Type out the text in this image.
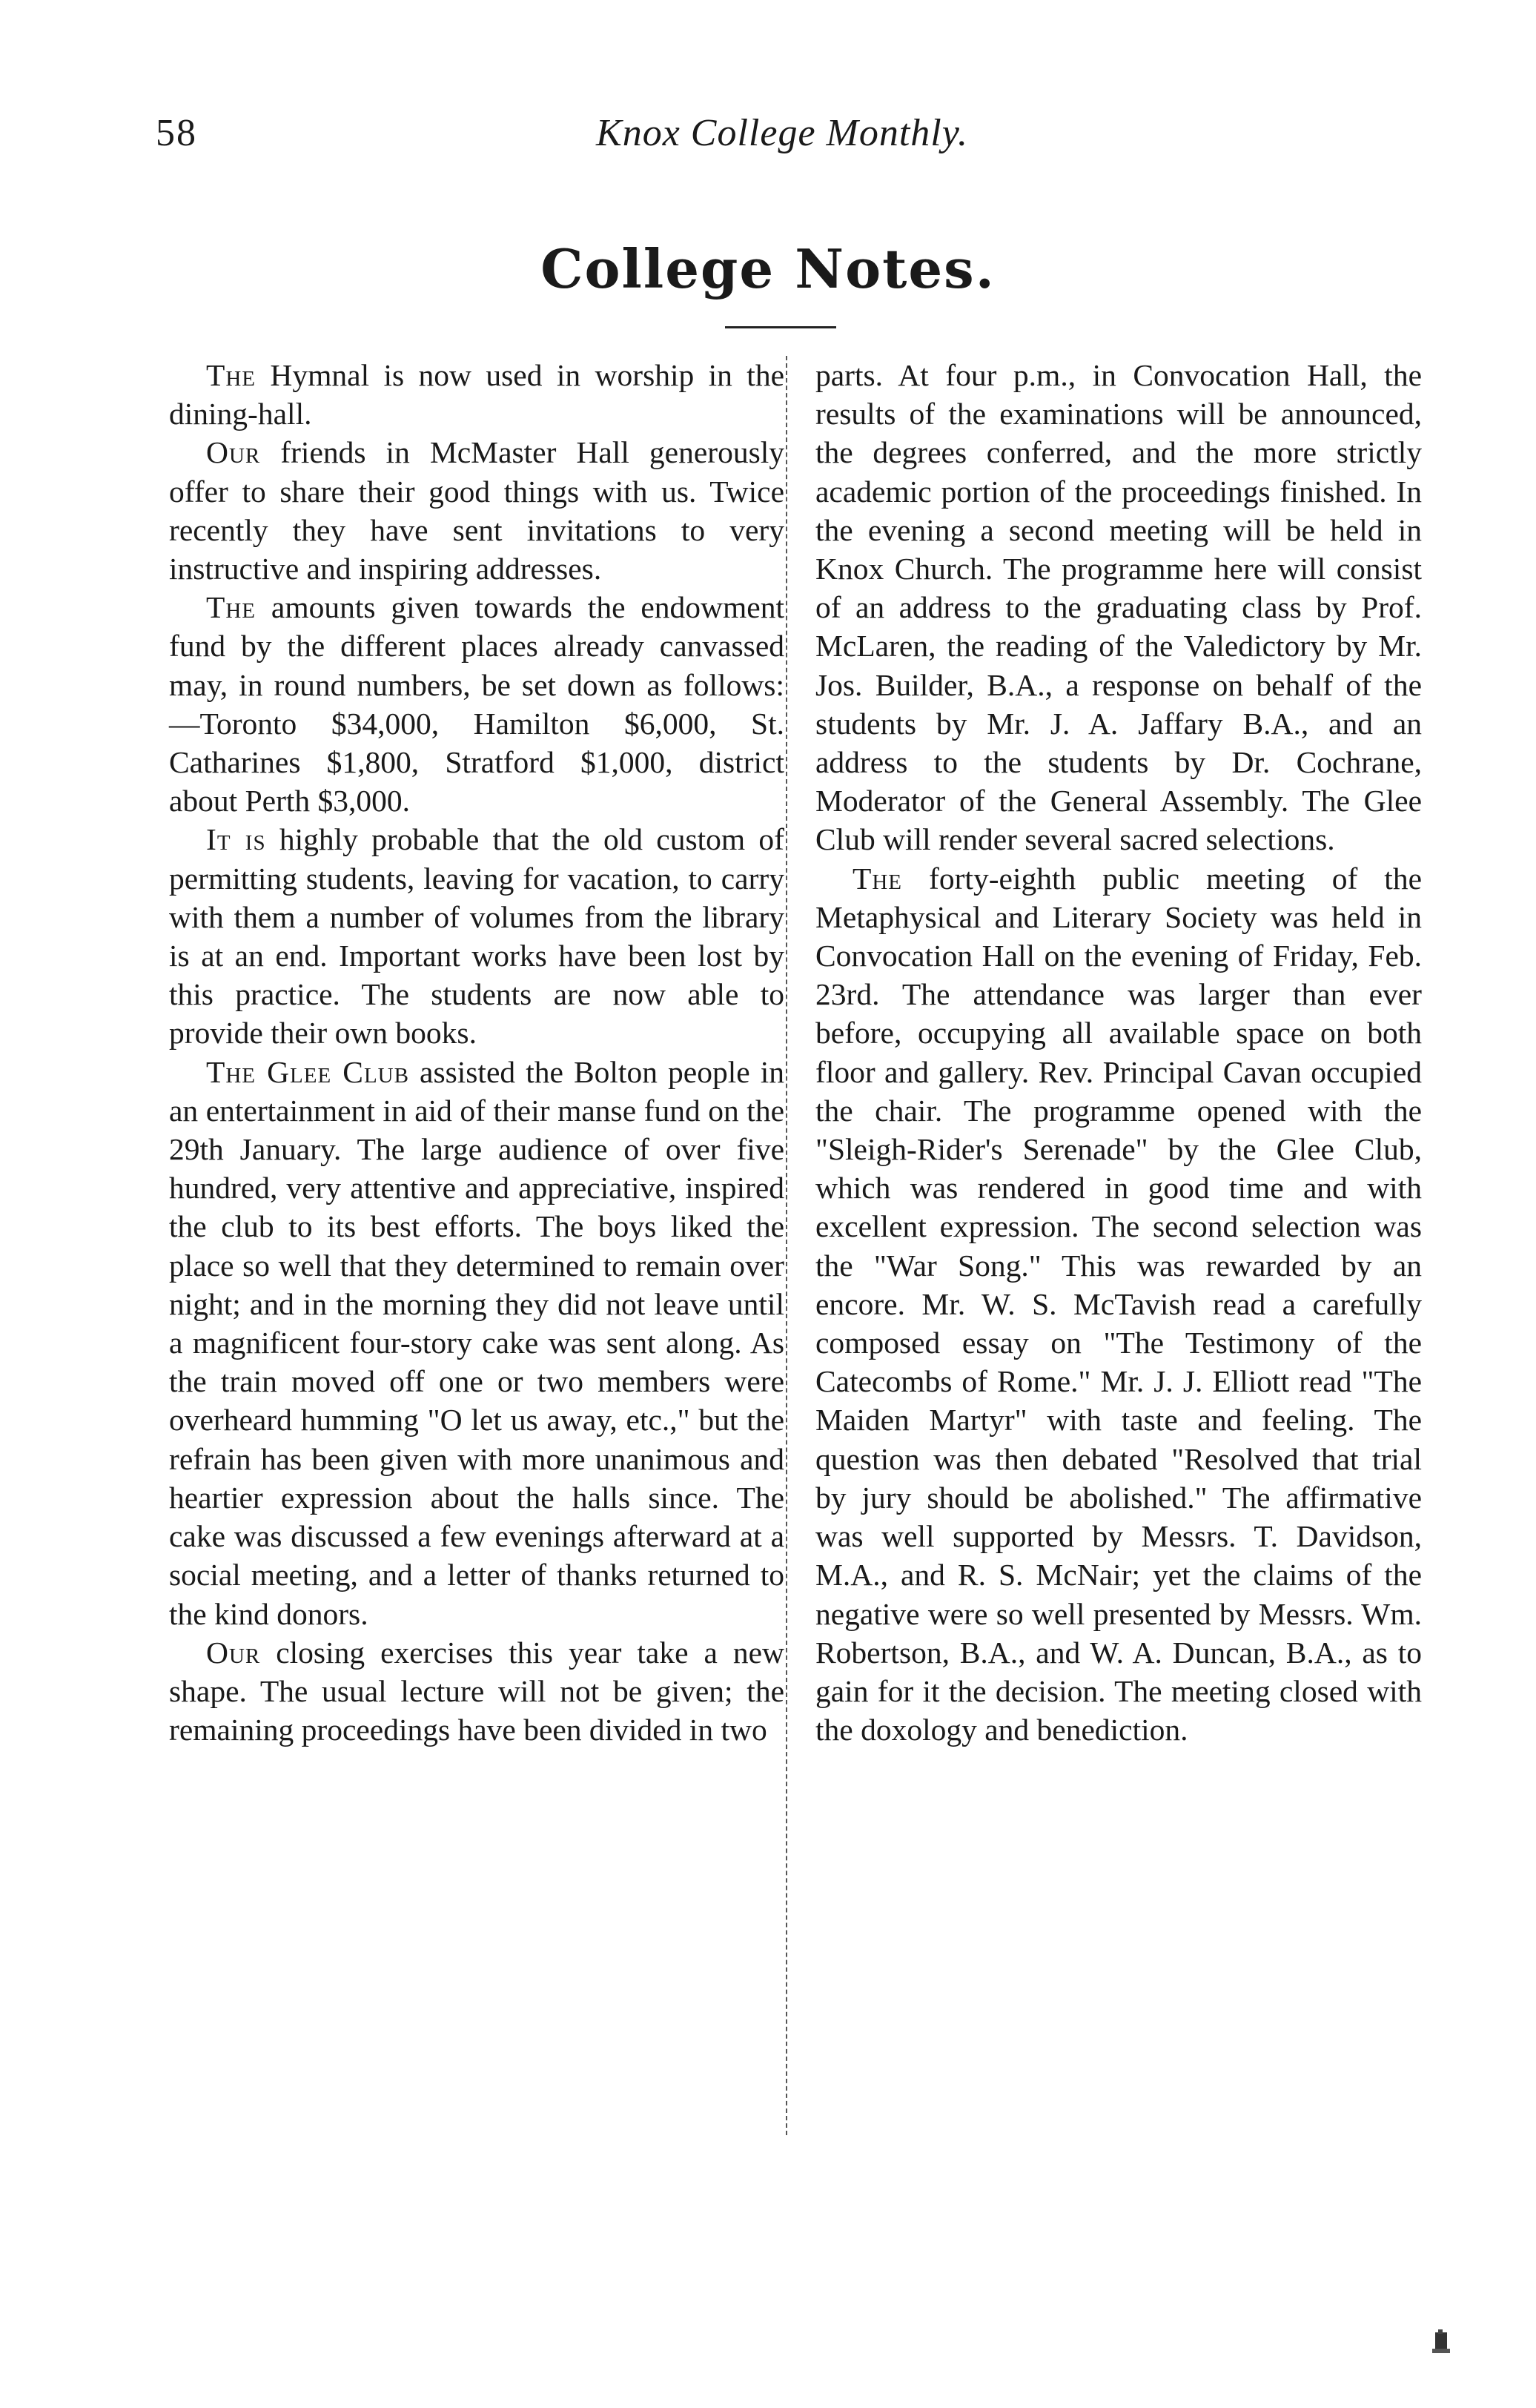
58	Knox College Monthly.
College Notes.

The Hymnal is now used in worship in the dining-hall.

Our friends in McMaster Hall generously offer to share their good things with us. Twice recently they have sent invitations to very instructive and inspiring addresses.

The amounts given towards the endowment fund by the different places already canvassed may, in round numbers, be set down as follows:—Toronto $34,000, Hamilton $6,000, St. Catharines $1,800, Stratford $1,000, district about Perth $3,000.

It is highly probable that the old custom of permitting students, leaving for vacation, to carry with them a number of volumes from the library is at an end. Important works have been lost by this practice. The students are now able to provide their own books.

The Glee Club assisted the Bolton people in an entertainment in aid of their manse fund on the 29th January. The large audience of over five hundred, very attentive and appreciative, inspired the club to its best efforts. The boys liked the place so well that they determined to remain over night; and in the morning they did not leave until a magnificent four-story cake was sent along. As the train moved off one or two members were overheard humming "O let us away, etc.," but the refrain has been given with more unanimous and heartier expression about the halls since. The cake was discussed a few evenings afterward at a social meeting, and a letter of thanks returned to the kind donors.

Our closing exercises this year take a new shape. The usual lecture will not be given; the remaining proceedings have been divided in two

parts. At four p.m., in Convocation Hall, the results of the examinations will be announced, the degrees conferred, and the more strictly academic portion of the proceedings finished. In the evening a second meeting will be held in Knox Church. The programme here will consist of an address to the graduating class by Prof. McLaren, the reading of the Valedictory by Mr. Jos. Builder, B.A., a response on behalf of the students by Mr. J. A. Jaffary B.A., and an address to the students by Dr. Cochrane, Moderator of the General Assembly. The Glee Club will render several sacred selections.

The forty-eighth public meeting of the Metaphysical and Literary Society was held in Convocation Hall on the evening of Friday, Feb. 23rd. The attendance was larger than ever before, occupying all available space on both floor and gallery. Rev. Principal Cavan occupied the chair. The programme opened with the "Sleigh-Rider's Serenade" by the Glee Club, which was rendered in good time and with excellent expression. The second selection was the "War Song." This was rewarded by an encore. Mr. W. S. McTavish read a carefully composed essay on "The Testimony of the Catecombs of Rome." Mr. J. J. Elliott read "The Maiden Martyr" with taste and feeling. The question was then debated "Resolved that trial by jury should be abolished." The affirmative was well supported by Messrs. T. Davidson, M.A., and R. S. McNair; yet the claims of the negative were so well presented by Messrs. Wm. Robertson, B.A., and W. A. Duncan, B.A., as to gain for it the decision. The meeting closed with the doxology and benediction.
